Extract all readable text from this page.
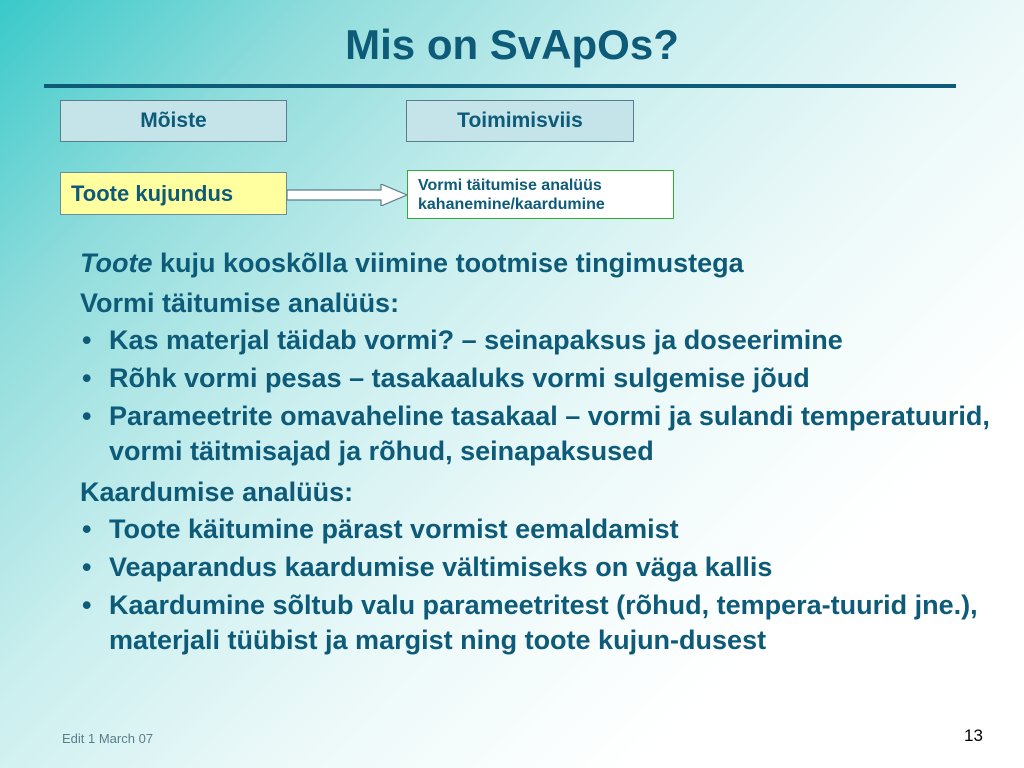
Mis on SvApOs?
Mõiste	Toimimisviis
Toote kujundus	Vormi täitumise analüüs
kahanemine/kaardumine
Toote kuju kooskõlla viimine tootmise tingimustega
Vormi täitumise analüüs:
• Kas materjal täidab vormi? – seinapaksus ja doseerimine
• Rõhk vormi pesas – tasakaaluks vormi sulgemise jõud
• Parameetrite omavaheline tasakaal – vormi ja sulandi temperatuurid, vormi täitmisajad ja rõhud, seinapaksused
Kaardumise analüüs:
• Toote käitumine pärast vormist eemaldamist
• Veaparandus kaardumise vältimiseks on väga kallis
• Kaardumine sõltub valu parameetritest (rõhud, tempera-tuurid jne.), materjali tüübist ja margist ning toote kujun-dusest
Edit 1 March 07	13
